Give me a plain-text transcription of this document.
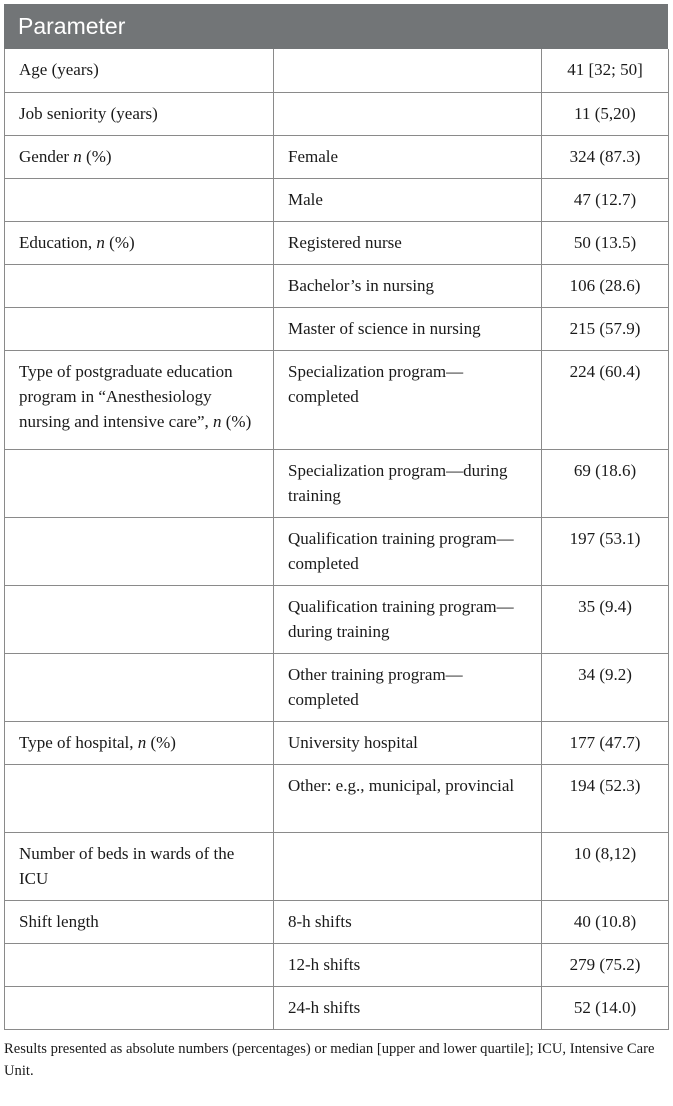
Parameter
Age (years)		41 [32; 50]
Job seniority (years)		11 (5,20)
Gender n (%)	Female	324 (87.3)
	Male	47 (12.7)
Education, n (%)	Registered nurse	50 (13.5)
	Bachelor’s in nursing	106 (28.6)
	Master of science in nursing	215 (57.9)
Type of postgraduate education program in “Anesthesiology nursing and intensive care”, n (%)	Specialization program—completed	224 (60.4)
	Specialization program—during training	69 (18.6)
	Qualification training program—completed	197 (53.1)
	Qualification training program—during training	35 (9.4)
	Other training program—completed	34 (9.2)
Type of hospital, n (%)	University hospital	177 (47.7)
	Other: e.g., municipal, provincial	194 (52.3)
Number of beds in wards of the ICU		10 (8,12)
Shift length	8-h shifts	40 (10.8)
	12-h shifts	279 (75.2)
	24-h shifts	52 (14.0)
Results presented as absolute numbers (percentages) or median [upper and lower quartile]; ICU, Intensive Care Unit.
